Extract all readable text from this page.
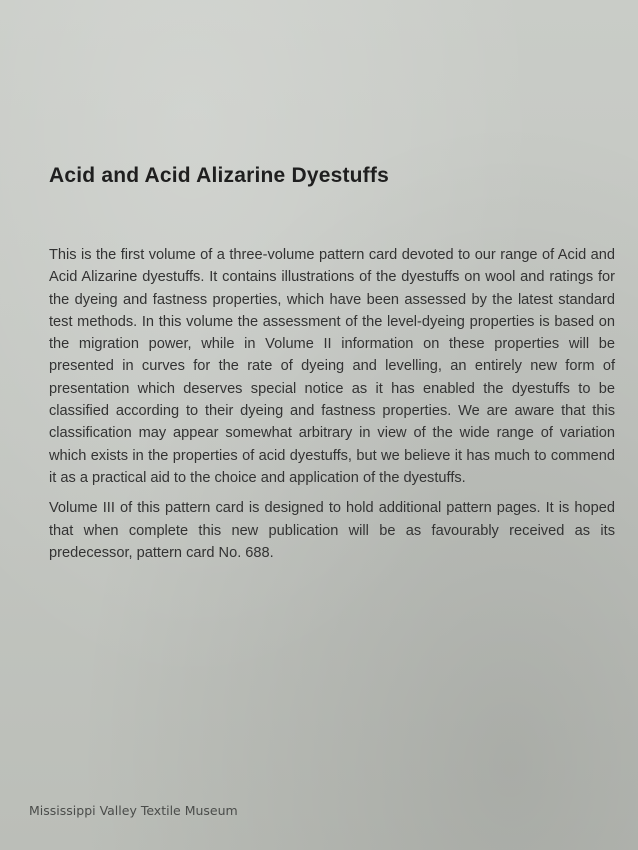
Acid and Acid Alizarine Dyestuffs

This is the first volume of a three-volume pattern card devoted to our range of Acid and Acid Alizarine dyestuffs. It contains illustrations of the dyestuffs on wool and ratings for the dyeing and fastness properties, which have been assessed by the latest standard test methods. In this volume the assessment of the level-dyeing properties is based on the migration power, while in Volume II information on these properties will be presented in curves for the rate of dyeing and levelling, an entirely new form of presentation which deserves special notice as it has enabled the dyestuffs to be classified according to their dyeing and fastness properties. We are aware that this classification may appear somewhat arbitrary in view of the wide range of variation which exists in the properties of acid dyestuffs, but we believe it has much to commend it as a practical aid to the choice and application of the dyestuffs.

Volume III of this pattern card is designed to hold additional pattern pages. It is hoped that when complete this new publication will be as favourably received as its predecessor, pattern card No. 688.

Mississippi Valley Textile Museum
